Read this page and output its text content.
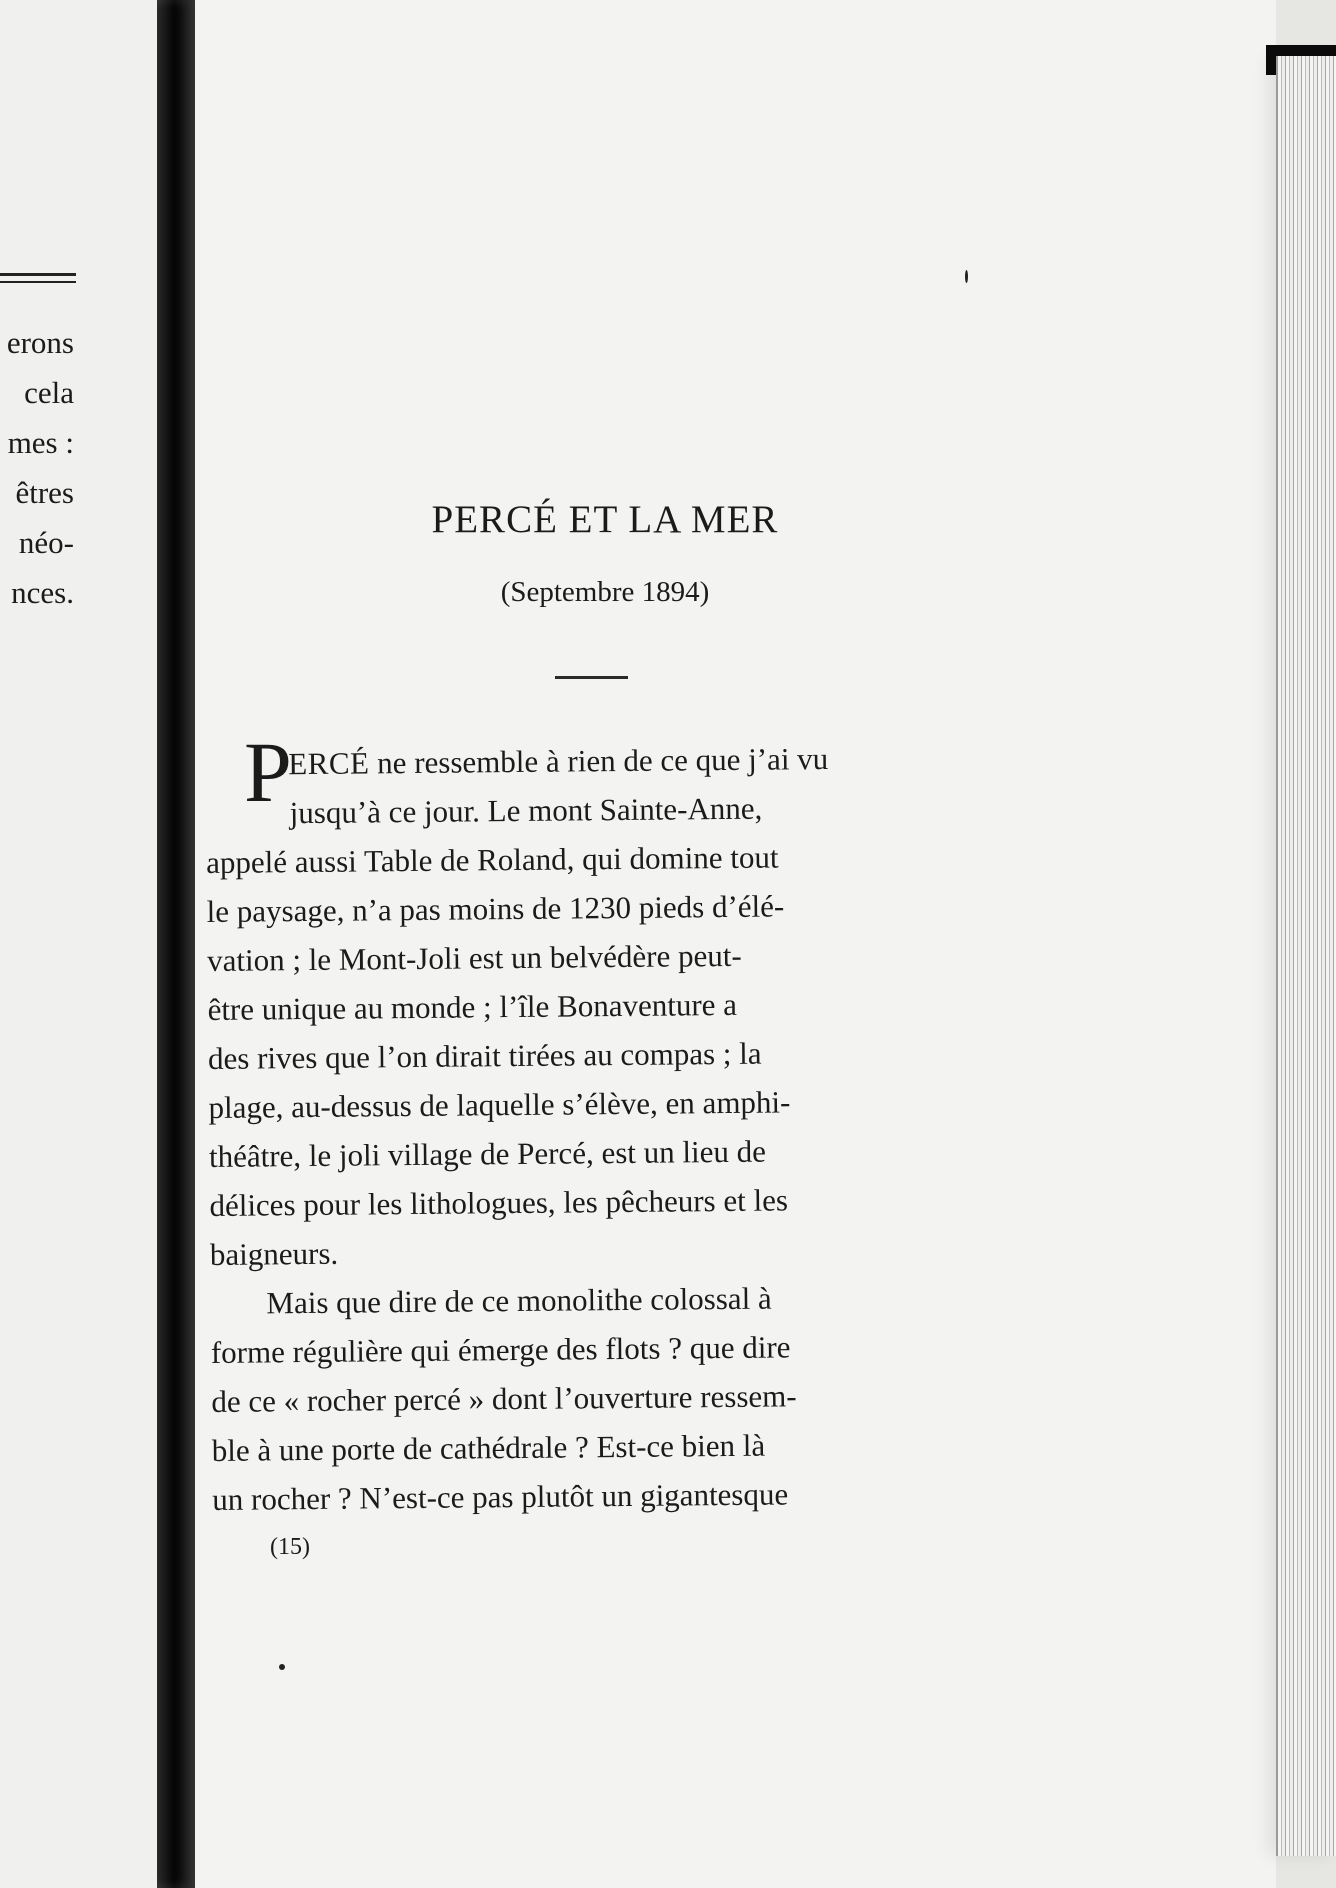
erons
cela
mes :
êtres
néo-
nces.
PERCÉ ET LA MER
(Septembre 1894)
P
ERCÉ ne ressemble à rien de ce que j’ai vu
jusqu’à ce jour. Le mont Sainte-Anne,
appelé aussi Table de Roland, qui domine tout
le paysage, n’a pas moins de 1230 pieds d’élé-
vation ; le Mont-Joli est un belvédère peut-
être unique au monde ; l’île Bonaventure a
des rives que l’on dirait tirées au compas ; la
plage, au-dessus de laquelle s’élève, en amphi-
théâtre, le joli village de Percé, est un lieu de
délices pour les lithologues, les pêcheurs et les
baigneurs.
Mais que dire de ce monolithe colossal à
forme régulière qui émerge des flots ? que dire
de ce « rocher percé » dont l’ouverture ressem-
ble à une porte de cathédrale ? Est-ce bien là
un rocher ? N’est-ce pas plutôt un gigantesque
(15)
